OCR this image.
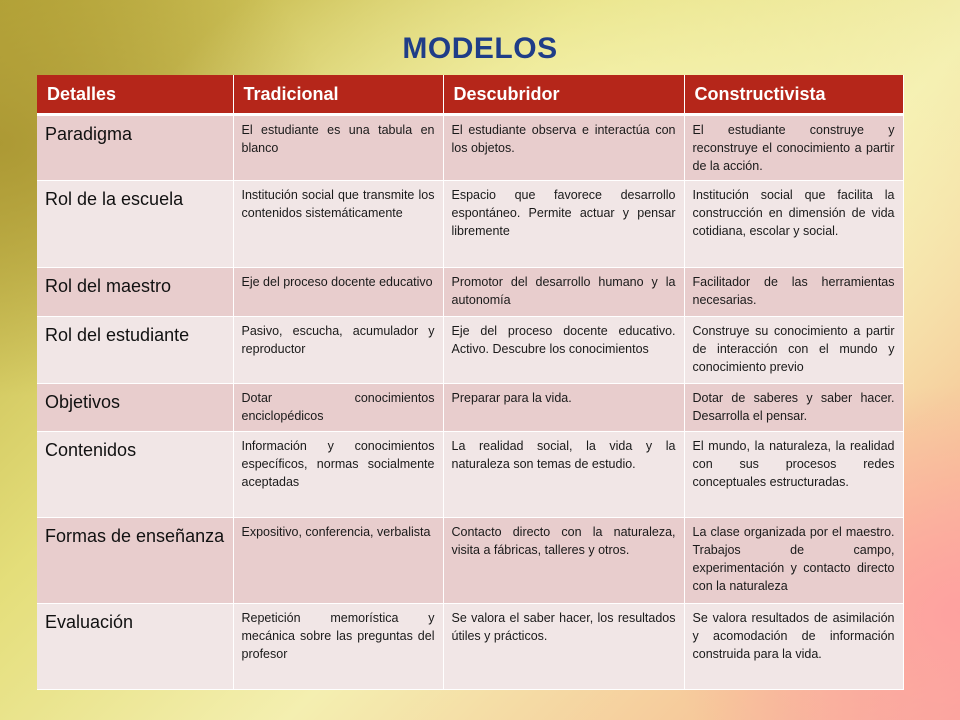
MODELOS
Detalles	Tradicional	Descubridor	Constructivista
Paradigma	El estudiante es una tabula en blanco	El estudiante observa e interactúa con los objetos.	El estudiante construye y reconstruye el conocimiento a partir de la acción.
Rol de la escuela	Institución social que transmite los contenidos sistemáticamente	Espacio que favorece desarrollo espontáneo. Permite actuar y pensar libremente	Institución social que facilita la construcción en dimensión de vida cotidiana, escolar y social.
Rol del maestro	Eje del proceso docente educativo	Promotor del desarrollo humano y la autonomía	Facilitador de las herramientas necesarias.
Rol del estudiante	Pasivo, escucha, acumulador y reproductor	Eje del proceso docente educativo. Activo. Descubre los conocimientos	Construye su conocimiento a partir de interacción con el mundo y conocimiento previo
Objetivos	Dotar conocimientos enciclopédicos	Preparar para la vida.	Dotar de saberes y saber hacer. Desarrolla el pensar.
Contenidos	Información y conocimientos específicos, normas socialmente aceptadas	La realidad social, la vida y la naturaleza son temas de estudio.	El mundo, la naturaleza, la realidad con sus procesos redes conceptuales estructuradas.
Formas de enseñanza	Expositivo, conferencia, verbalista	Contacto directo con la naturaleza, visita a fábricas, talleres y otros.	La clase organizada por el maestro. Trabajos de campo, experimentación y contacto directo con la naturaleza
Evaluación	Repetición memorística y mecánica sobre las preguntas del profesor	Se valora el saber hacer, los resultados útiles y prácticos.	Se valora resultados de asimilación y acomodación de información construida para la vida.
